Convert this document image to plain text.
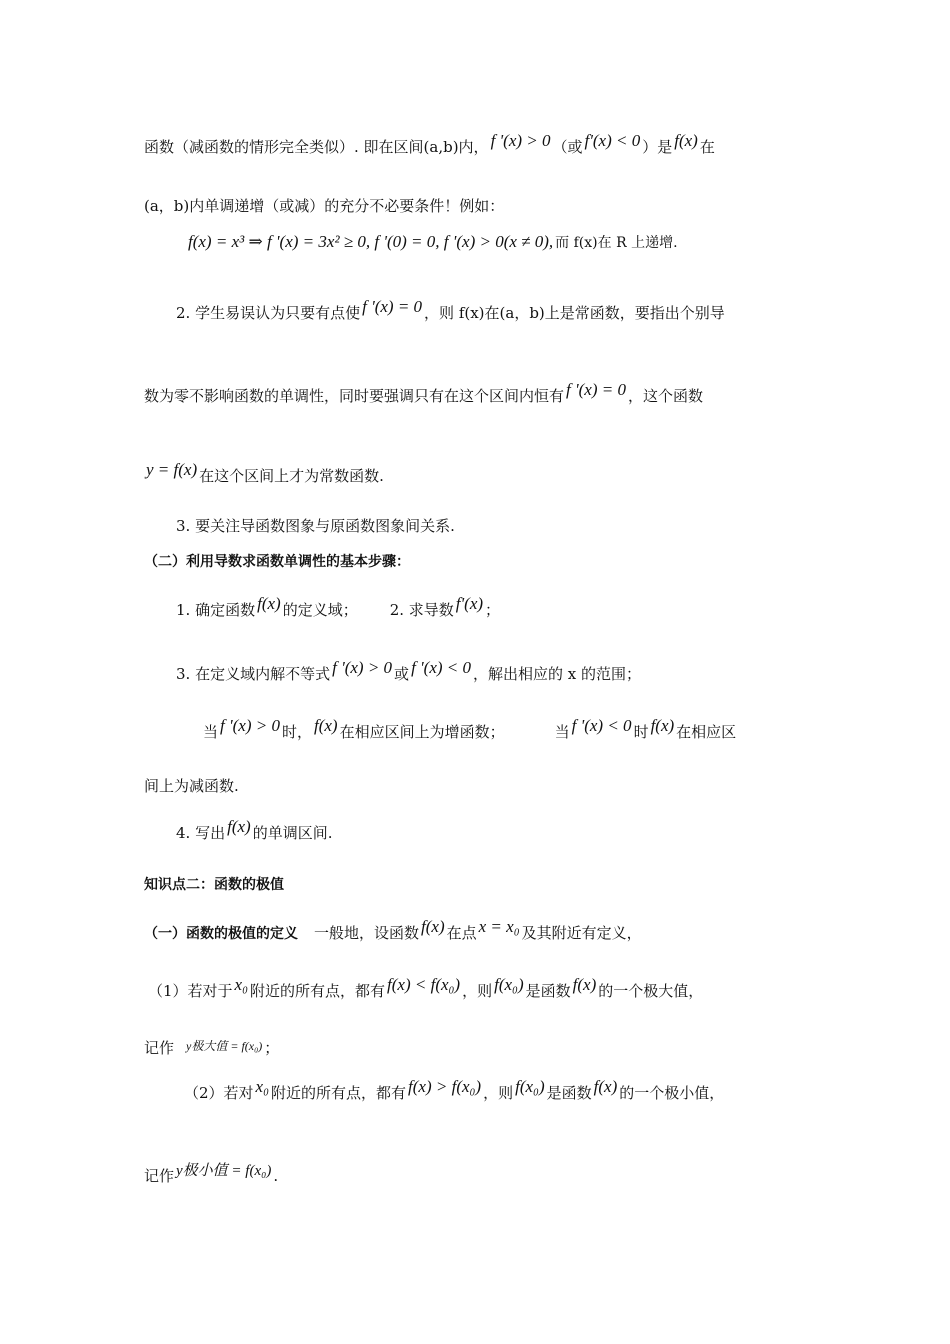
函数（减函数的情形完全类似）. 即在区间(a,b)内， f '(x) > 0 （或 f'(x) < 0 ）是 f(x) 在
(a，b)内单调递增（或减）的充分不必要条件！例如：
f(x) = x³ ⇒ f '(x) = 3x² ≥ 0, f '(0) = 0, f '(x) > 0(x ≠ 0), 而 f(x)在 R 上递增.
2. 学生易误认为只要有点使 f '(x) = 0 ，则 f(x)在(a，b)上是常函数，要指出个别导
数为零不影响函数的单调性，同时要强调只有在这个区间内恒有 f '(x) = 0 ，这个函数
y = f(x) 在这个区间上才为常数函数.
3. 要关注导函数图象与原函数图象间关系.
（二）利用导数求函数单调性的基本步骤：
1. 确定函数 f(x) 的定义域； 2. 求导数 f'(x) ；
3. 在定义域内解不等式 f '(x) > 0 或 f '(x) < 0 ，解出相应的 x 的范围；
当 f '(x) > 0 时， f(x) 在相应区间上为增函数；	当 f '(x) < 0 时 f(x) 在相应区
间上为减函数.
4. 写出 f(x) 的单调区间.
知识点二：函数的极值
（一）函数的极值的定义 一般地，设函数 f(x) 在点 x = x₀ 及其附近有定义，
（1）若对于 x₀ 附近的所有点，都有 f(x) < f(x₀) ，则 f(x₀) 是函数 f(x) 的一个极大值，
记作 y极大值 = f(x₀) ；
（2）若对 x₀ 附近的所有点，都有 f(x) > f(x₀) ，则 f(x₀) 是函数 f(x) 的一个极小值，
记作 y极小值 = f(x₀) .
